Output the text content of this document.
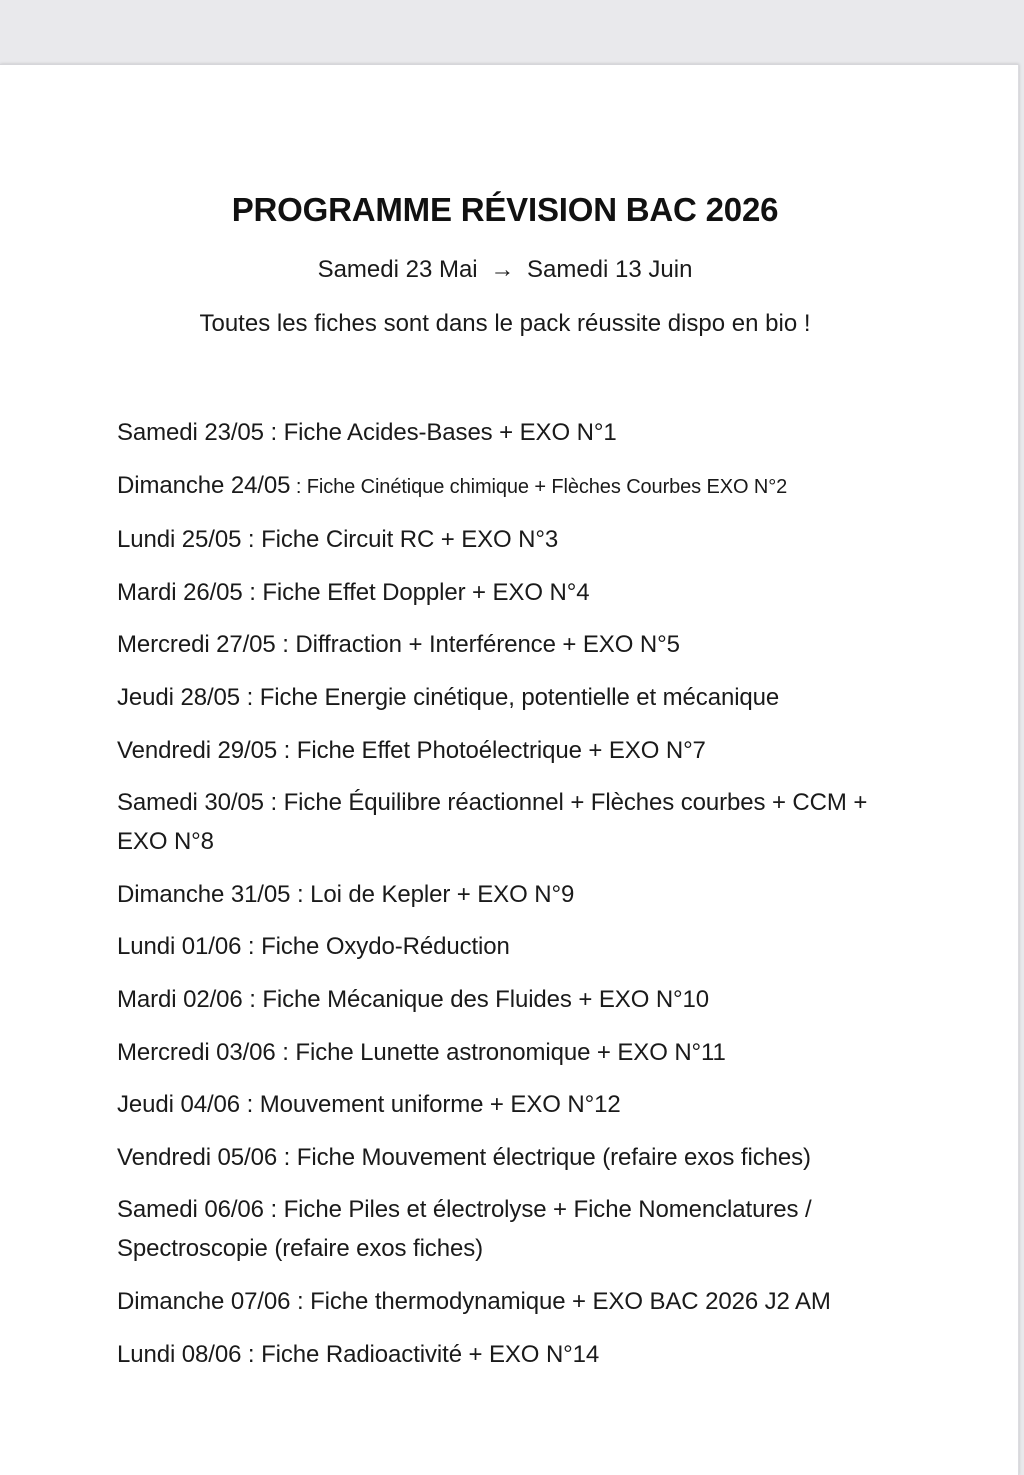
PROGRAMME RÉVISION BAC 2026
Samedi 23 Mai → Samedi 13 Juin
Toutes les fiches sont dans le pack réussite dispo en bio !
Samedi 23/05 : Fiche Acides-Bases + EXO N°1
Dimanche 24/05 : Fiche Cinétique chimique + Flèches Courbes EXO N°2
Lundi 25/05 : Fiche Circuit RC + EXO N°3
Mardi 26/05 : Fiche Effet Doppler + EXO N°4
Mercredi 27/05 : Diffraction + Interférence + EXO N°5
Jeudi 28/05 : Fiche Energie cinétique, potentielle et mécanique
Vendredi 29/05 : Fiche Effet Photoélectrique + EXO N°7
Samedi 30/05 : Fiche Équilibre réactionnel + Flèches courbes + CCM + EXO N°8
Dimanche 31/05 : Loi de Kepler + EXO N°9
Lundi 01/06 : Fiche Oxydo-Réduction
Mardi 02/06 : Fiche Mécanique des Fluides + EXO N°10
Mercredi 03/06 : Fiche Lunette astronomique + EXO N°11
Jeudi 04/06 : Mouvement uniforme + EXO N°12
Vendredi 05/06 : Fiche Mouvement électrique (refaire exos fiches)
Samedi 06/06 : Fiche Piles et électrolyse + Fiche Nomenclatures / Spectroscopie (refaire exos fiches)
Dimanche 07/06 : Fiche thermodynamique + EXO BAC 2026 J2 AM
Lundi 08/06 : Fiche Radioactivité + EXO N°14
